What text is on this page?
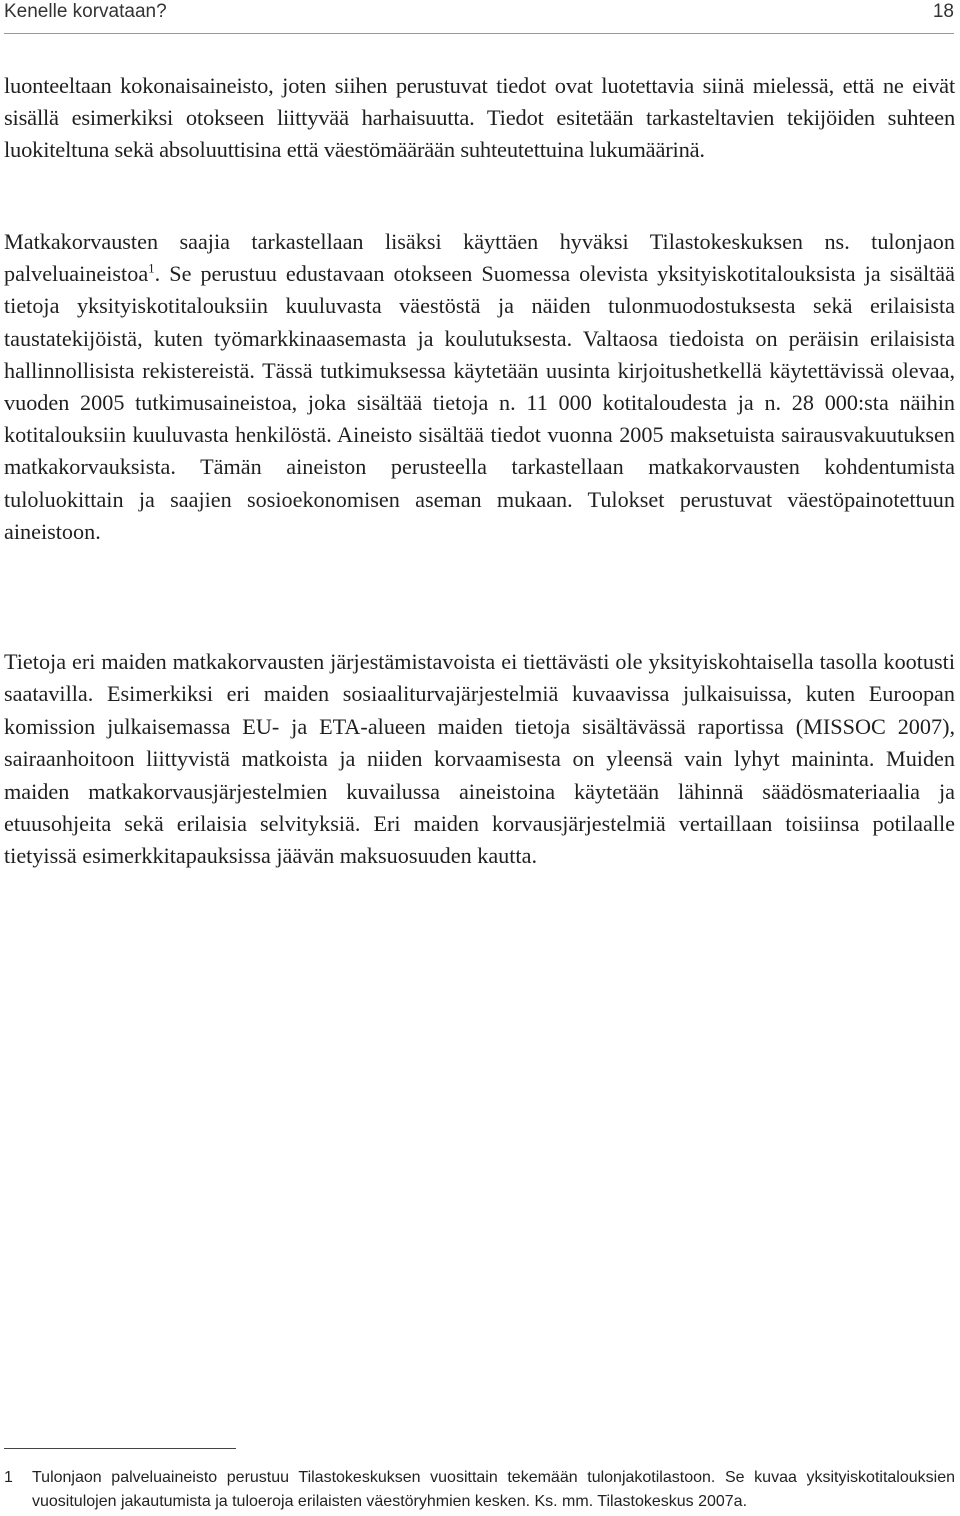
Kenelle korvataan?	18

luonteeltaan kokonaisaineisto, joten siihen perustuvat tiedot ovat luotettavia siinä mielessä, että ne eivät sisällä esimerkiksi otokseen liittyvää harhaisuutta. Tiedot esitetään tarkasteltavien tekijöiden suhteen luokiteltuna sekä absoluuttisina että väestömäärään suhteutettuina lukumäärinä.

Matkakorvausten saajia tarkastellaan lisäksi käyttäen hyväksi Tilastokeskuksen ns. tulonjaon palveluaineistoa$^1$. Se perustuu edustavaan otokseen Suomessa olevista yksityiskotitalouksista ja sisältää tietoja yksityiskotitalouksiin kuuluvasta väestöstä ja näiden tulonmuodostuksesta sekä erilaisista taustatekijöistä, kuten työmarkkinaasemasta ja koulutuksesta. Valtaosa tiedoista on peräisin erilaisista hallinnollisista rekistereistä. Tässä tutkimuksessa käytetään uusinta kirjoitushetkellä käytettävissä olevaa, vuoden 2005 tutkimusaineistoa, joka sisältää tietoja n. 11 000 kotitaloudesta ja n. 28 000:sta näihin kotitalouksiin kuuluvasta henkilöstä. Aineisto sisältää tiedot vuonna 2005 maksetuista sairausvakuutuksen matkakorvauksista. Tämän aineiston perusteella tarkastellaan matkakorvausten kohdentumista tuloluokittain ja saajien sosioekonomisen aseman mukaan. Tulokset perustuvat väestöpainotettuun aineistoon.

Tietoja eri maiden matkakorvausten järjestämistavoista ei tiettävästi ole yksityiskohtaisella tasolla kootusti saatavilla. Esimerkiksi eri maiden sosiaaliturvajärjestelmiä kuvaavissa julkaisuissa, kuten Euroopan komission julkaisemassa EU- ja ETA-alueen maiden tietoja sisältävässä raportissa (MISSOC 2007), sairaanhoitoon liittyvistä matkoista ja niiden korvaamisesta on yleensä vain lyhyt maininta. Muiden maiden matkakorvausjärjestelmien kuvailussa aineistoina käytetään lähinnä säädösmateriaalia ja etuusohjeita sekä erilaisia selvityksiä. Eri maiden korvausjärjestelmiä vertaillaan toisiinsa potilaalle tietyissä esimerkkitapauksissa jäävän maksuosuuden kautta.

1 Tulonjaon palveluaineisto perustuu Tilastokeskuksen vuosittain tekemään tulonjakotilastoon. Se kuvaa yksityiskotitalouksien vuositulojen jakautumista ja tuloeroja erilaisten väestöryhmien kesken. Ks. mm. Tilastokeskus 2007a.
